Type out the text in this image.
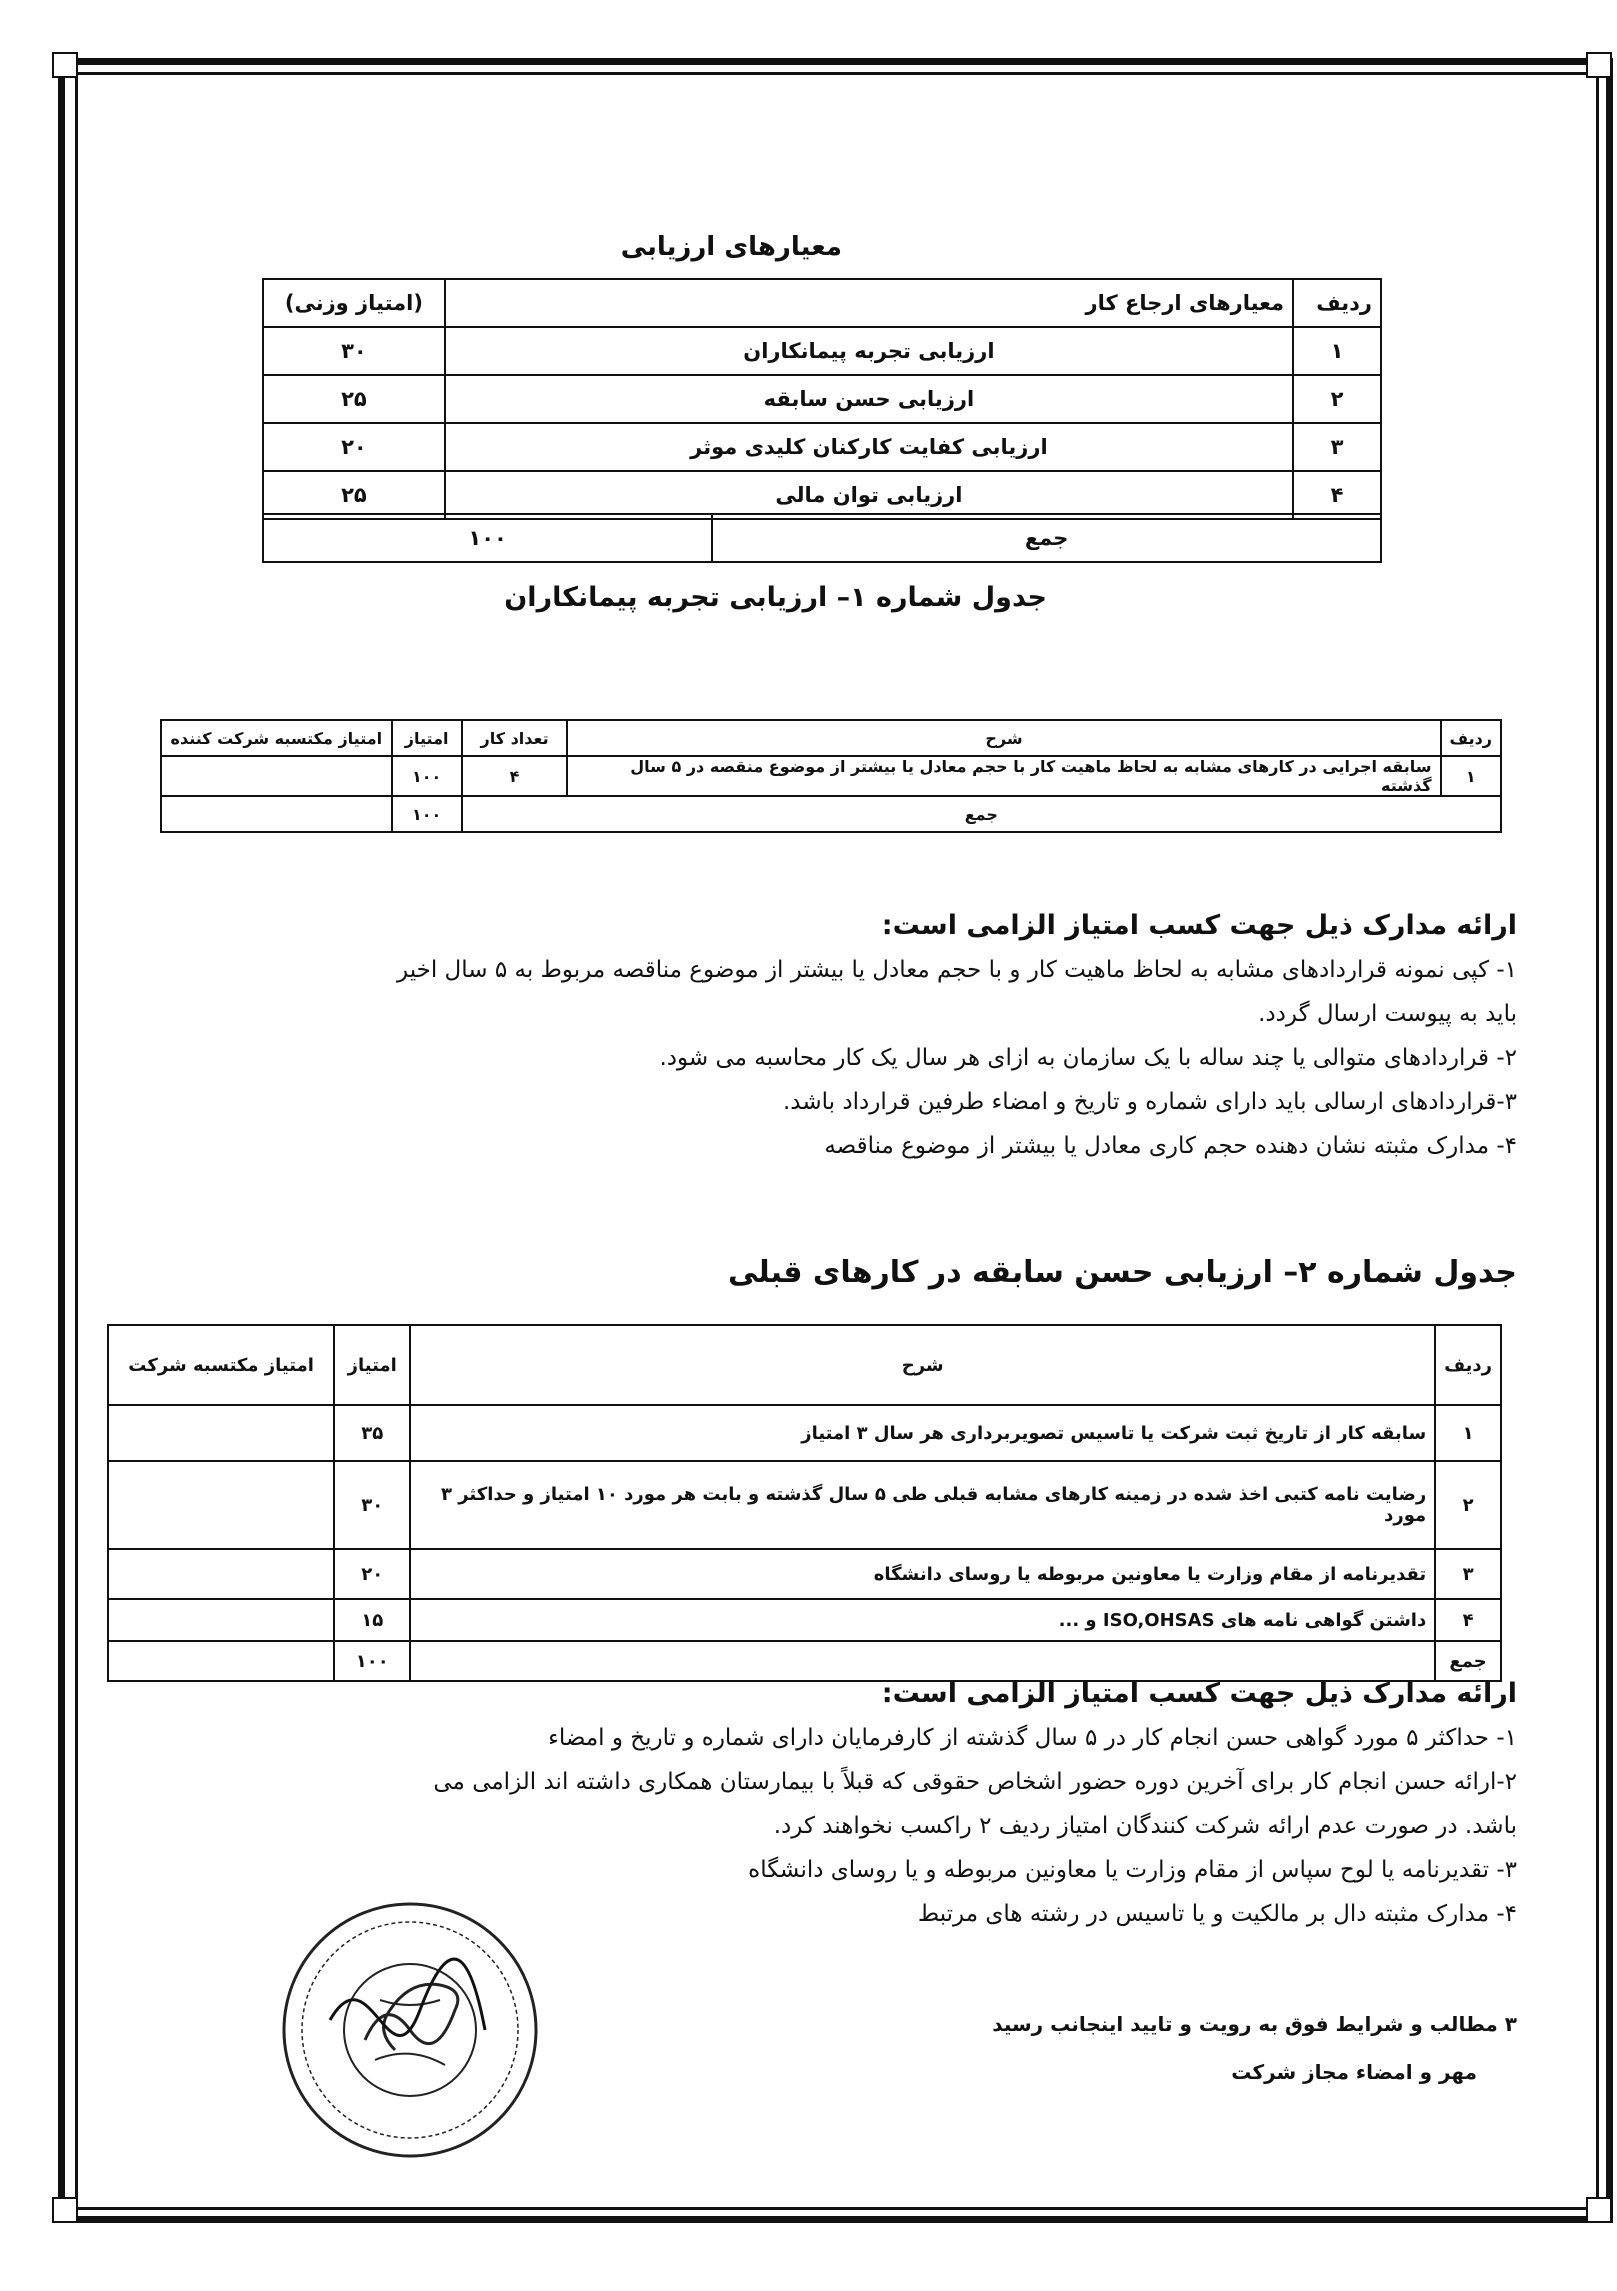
معیارهای ارزیابی
ردیف	معیارهای ارجاع کار	(امتیاز وزنی)
۱	ارزیابی تجربه پیمانکاران	۳۰
۲	ارزیابی حسن سابقه	۲۵
۳	ارزیابی کفایت کارکنان کلیدی موثر	۲۰
۴	ارزیابی توان مالی	۲۵
جمع	۱۰۰
جدول شماره ۱– ارزیابی تجربه پیمانکاران
ردیف	شرح	تعداد کار	امتیاز	امتیاز مکتسبه شرکت کننده
۱	سابقه اجرایی در کارهای مشابه به لحاظ ماهیت کار با حجم معادل یا بیشتر از موضوع منقصه در ۵ سال گذشته	۴	۱۰۰	
جمع			۱۰۰	

ارائه مدارک ذیل جهت کسب امتیاز الزامی است:

۱- کپی نمونه قراردادهای مشابه به لحاظ ماهیت کار و با حجم معادل یا بیشتر از موضوع مناقصه مربوط به ۵ سال اخیر

باید به پیوست ارسال گردد.

۲- قراردادهای متوالی یا چند ساله با یک سازمان به ازای هر سال یک کار محاسبه می شود.

۳-قراردادهای ارسالی باید دارای شماره و تاریخ و امضاء طرفین قرارداد باشد.

۴- مدارک مثبته نشان دهنده حجم کاری معادل یا بیشتر از موضوع مناقصه

جدول شماره ۲– ارزیابی حسن سابقه در کارهای قبلی
ردیف	شرح	امتیاز	امتیاز مکتسبه شرکت
۱	سابقه کار از تاریخ ثبت شرکت یا تاسیس تصویربرداری هر سال ۳ امتیاز	۳۵	
۲	رضایت نامه کتبی اخذ شده در زمینه کارهای مشابه قبلی طی ۵ سال گذشته و بابت هر مورد ۱۰ امتیاز و حداکثر ۳ مورد	۳۰	
۳	تقدیرنامه از مقام وزارت یا معاونین مربوطه یا روسای دانشگاه	۲۰	
۴	داشتن گواهی نامه های ISO,OHSAS و ...	۱۵	
جمع		۱۰۰	

ارائه مدارک ذیل جهت کسب امتیاز الزامی است:

۱- حداکثر ۵ مورد گواهی حسن انجام کار در ۵ سال گذشته از کارفرمایان دارای شماره و تاریخ و امضاء

۲-ارائه حسن انجام کار برای آخرین دوره حضور اشخاص حقوقی که قبلاً با بیمارستان همکاری داشته اند الزامی می

باشد. در صورت عدم ارائه شرکت کنندگان امتیاز ردیف ۲ راکسب نخواهند کرد.

۳- تقدیرنامه یا لوح سپاس از مقام وزارت یا معاونین مربوطه و یا روسای دانشگاه

۴- مدارک مثبته دال بر مالکیت و یا تاسیس در رشته های مرتبط

۳ مطالب و شرایط فوق به رویت و تایید اینجانب رسید
مهر و امضاء مجاز شرکت
